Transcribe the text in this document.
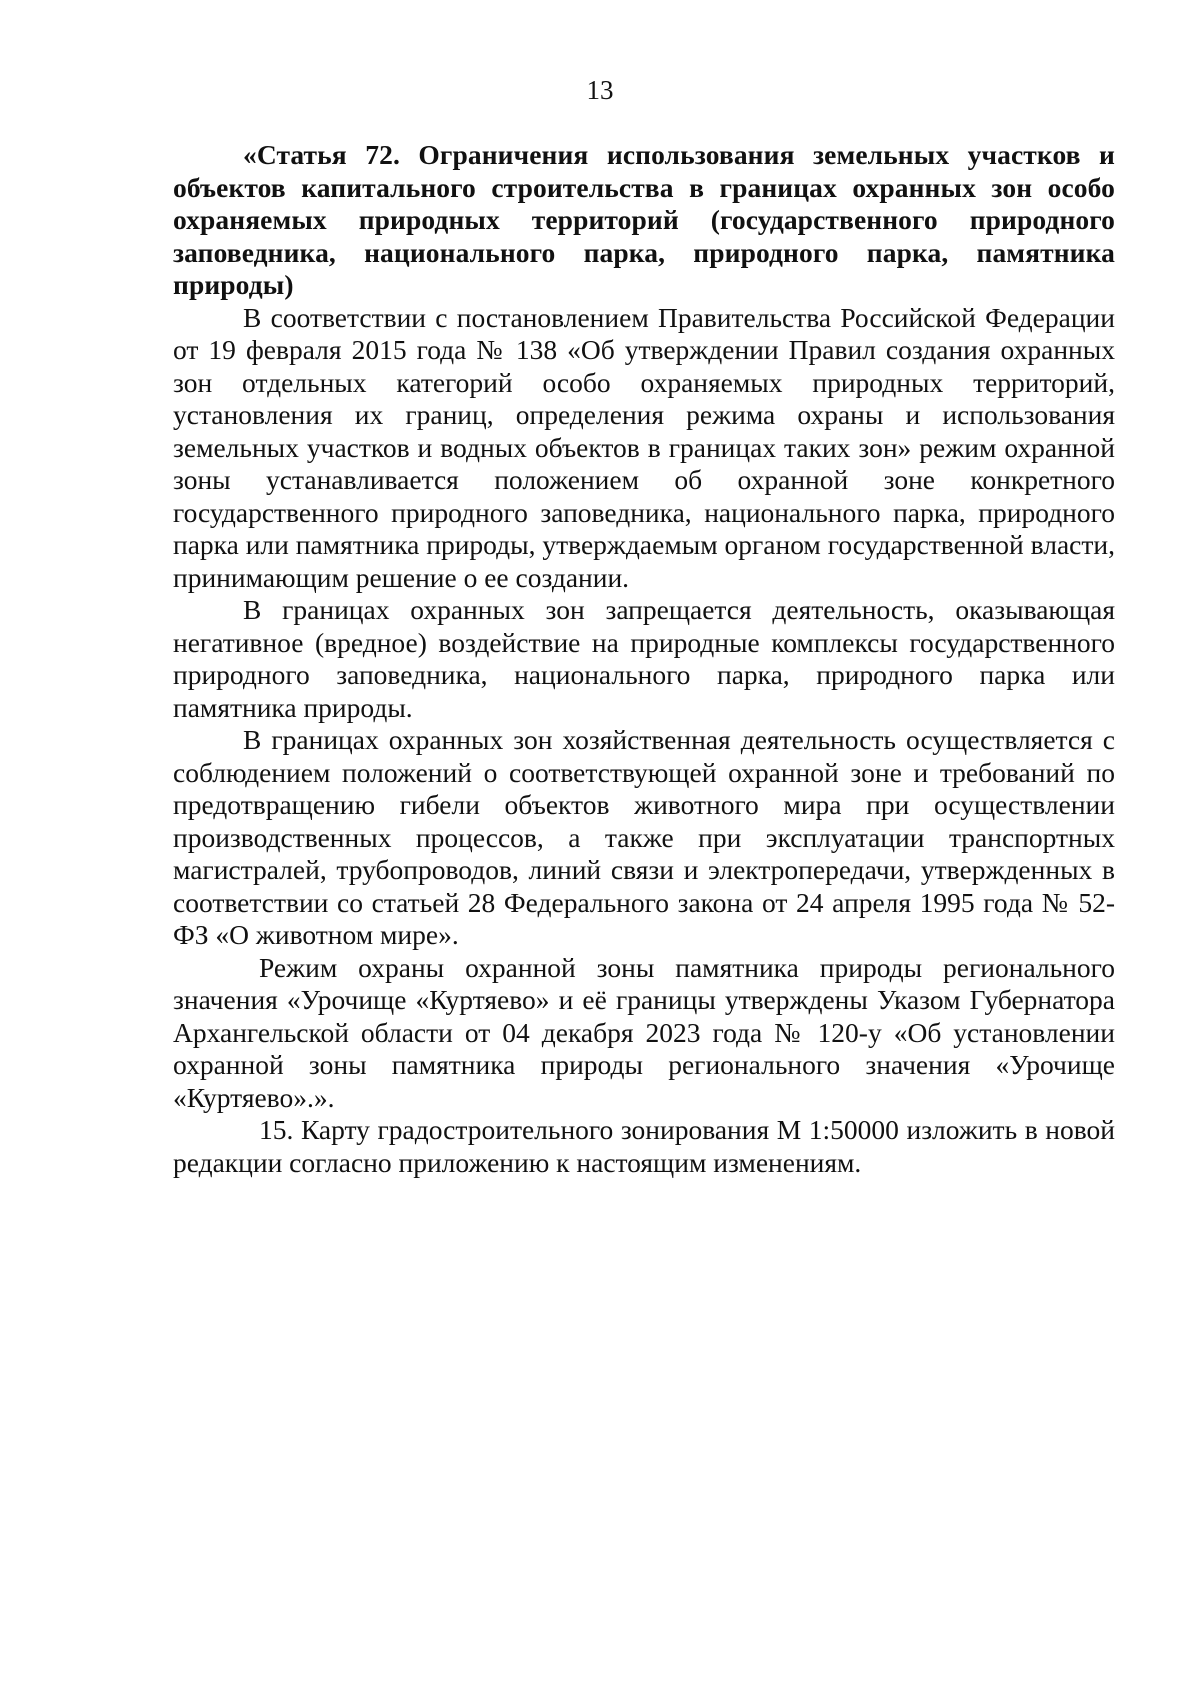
13

«Статья 72. Ограничения использования земельных участков и объектов капитального строительства в границах охранных зон особо охраняемых природных территорий (государственного природного заповедника, национального парка, природного парка, памятника природы)

В соответствии с постановлением Правительства Российской Федерации от 19 февраля 2015 года № 138 «Об утверждении Правил создания охранных зон отдельных категорий особо охраняемых природных территорий, установления их границ, определения режима охраны и использования земельных участков и водных объектов в границах таких зон» режим охранной зоны устанавливается положением об охранной зоне конкретного государственного природного заповедника, национального парка, природного парка или памятника природы, утверждаемым органом государственной власти, принимающим решение о ее создании.

В границах охранных зон запрещается деятельность, оказывающая негативное (вредное) воздействие на природные комплексы государственного природного заповедника, национального парка, природного парка или памятника природы.

В границах охранных зон хозяйственная деятельность осуществляется с соблюдением положений о соответствующей охранной зоне и требований по предотвращению гибели объектов животного мира при осуществлении производственных процессов, а также при эксплуатации транспортных магистралей, трубопроводов, линий связи и электропередачи, утвержденных в соответствии со статьей 28 Федерального закона от 24 апреля 1995 года № 52-ФЗ «О животном мире».

Режим охраны охранной зоны памятника природы регионального значения «Урочище «Куртяево» и её границы утверждены Указом Губернатора Архангельской области от 04 декабря 2023 года № 120-у «Об установлении охранной зоны памятника природы регионального значения «Урочище «Куртяево».».

15. Карту градостроительного зонирования М 1:50000 изложить в новой редакции согласно приложению к настоящим изменениям.
